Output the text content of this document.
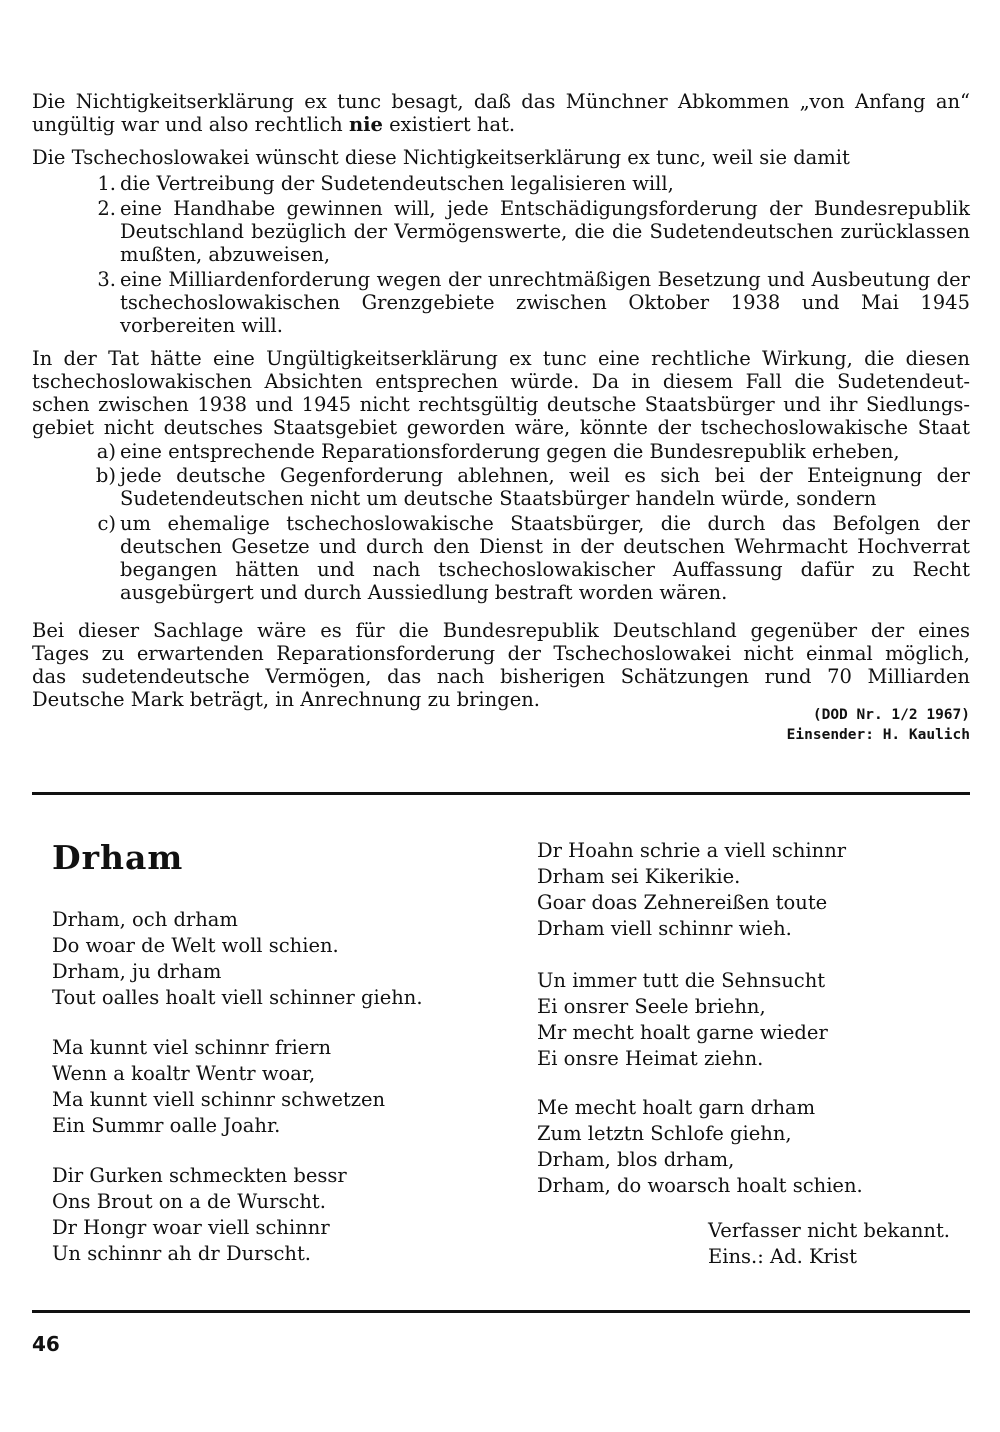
Die Nichtigkeitserklärung ex tunc besagt, daß das Münchner Abkommen „von Anfang an“
ungültig war und also rechtlich nie existiert hat.
Die Tschechoslowakei wünscht diese Nichtigkeitserklärung ex tunc, weil sie damit
1. die Vertreibung der Sudetendeutschen legalisieren will,
2. eine Handhabe gewinnen will, jede Entschädigungsforderung der Bundesrepublik Deutschland bezüglich der Vermögenswerte, die die Sudetendeutschen zurücklassen mußten, abzuweisen,
3. eine Milliardenforderung wegen der unrechtmäßigen Besetzung und Ausbeutung der tschechoslowakischen Grenzgebiete zwischen Oktober 1938 und Mai 1945 vorbereiten will.
In der Tat hätte eine Ungültigkeitserklärung ex tunc eine rechtliche Wirkung, die diesen
tschechoslowakischen Absichten entsprechen würde. Da in diesem Fall die Sudetendeut-
schen zwischen 1938 und 1945 nicht rechtsgültig deutsche Staatsbürger und ihr Siedlungs-
gebiet nicht deutsches Staatsgebiet geworden wäre, könnte der tschechoslowakische Staat
a) eine entsprechende Reparationsforderung gegen die Bundesrepublik erheben,
b) jede deutsche Gegenforderung ablehnen, weil es sich bei der Enteignung der Sudetendeutschen nicht um deutsche Staatsbürger handeln würde, sondern
c) um ehemalige tschechoslowakische Staatsbürger, die durch das Befolgen der deutschen Gesetze und durch den Dienst in der deutschen Wehrmacht Hochverrat begangen hätten und nach tschechoslowakischer Auffassung dafür zu Recht ausgebürgert und durch Aussiedlung bestraft worden wären.
Bei dieser Sachlage wäre es für die Bundesrepublik Deutschland gegenüber der eines
Tages zu erwartenden Reparationsforderung der Tschechoslowakei nicht einmal möglich,
das sudetendeutsche Vermögen, das nach bisherigen Schätzungen rund 70 Milliarden
Deutsche Mark beträgt, in Anrechnung zu bringen.
(DOD Nr. 1/2 1967)
Einsender: H. Kaulich
Drham
Drham, och drham
Do woar de Welt woll schien.
Drham, ju drham
Tout oalles hoalt viell schinner giehn.
Ma kunnt viel schinnr friern
Wenn a koaltr Wentr woar,
Ma kunnt viell schinnr schwetzen
Ein Summr oalle Joahr.
Dir Gurken schmeckten bessr
Ons Brout on a de Wurscht.
Dr Hongr woar viell schinnr
Un schinnr ah dr Durscht.
Dr Hoahn schrie a viell schinnr
Drham sei Kikerikie.
Goar doas Zehnereißen toute
Drham viell schinnr wieh.
Un immer tutt die Sehnsucht
Ei onsrer Seele briehn,
Mr mecht hoalt garne wieder
Ei onsre Heimat ziehn.
Me mecht hoalt garn drham
Zum letztn Schlofe giehn,
Drham, blos drham,
Drham, do woarsch hoalt schien.
Verfasser nicht bekannt.
Eins.: Ad. Krist
46
